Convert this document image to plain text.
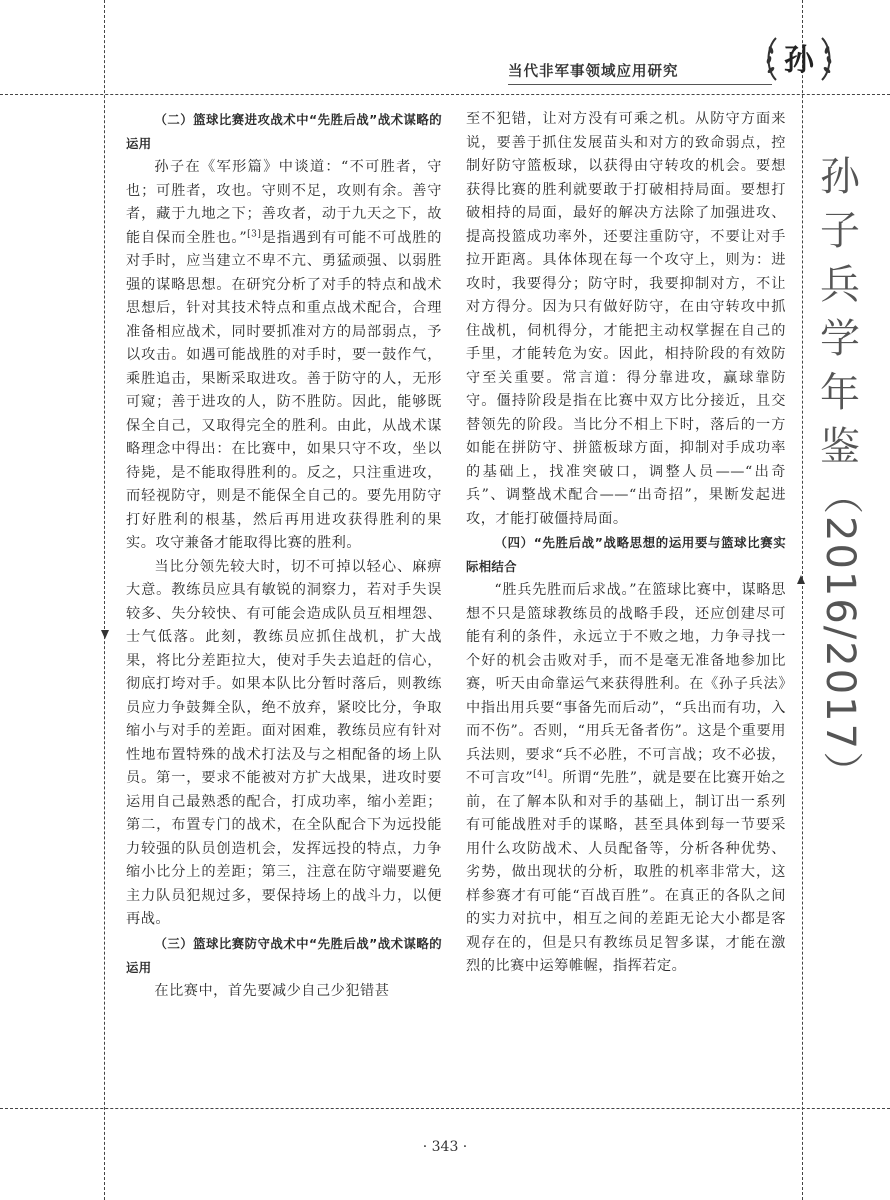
当代非军事领域应用研究	孙
孙
子
兵
学
年
鉴
（2016/2017）
（二）篮球比赛进攻战术中“先胜后战”战术谋略的运用

孙子在《军形篇》中谈道：“不可胜者，守也；可胜者，攻也。守则不足，攻则有余。善守者，藏于九地之下；善攻者，动于九天之下，故能自保而全胜也。”[3]是指遇到有可能不可战胜的对手时，应当建立不卑不亢、勇猛顽强、以弱胜强的谋略思想。在研究分析了对手的特点和战术思想后，针对其技术特点和重点战术配合，合理准备相应战术，同时要抓准对方的局部弱点，予以攻击。如遇可能战胜的对手时，要一鼓作气，乘胜追击，果断采取进攻。善于防守的人，无形可窥；善于进攻的人，防不胜防。因此，能够既保全自己，又取得完全的胜利。由此，从战术谋略理念中得出：在比赛中，如果只守不攻，坐以待毙，是不能取得胜利的。反之，只注重进攻，而轻视防守，则是不能保全自己的。要先用防守打好胜利的根基，然后再用进攻获得胜利的果实。攻守兼备才能取得比赛的胜利。

当比分领先较大时，切不可掉以轻心、麻痹大意。教练员应具有敏锐的洞察力，若对手失误较多、失分较快、有可能会造成队员互相埋怨、士气低落。此刻，教练员应抓住战机，扩大战果，将比分差距拉大，使对手失去追赶的信心，彻底打垮对手。如果本队比分暂时落后，则教练员应力争鼓舞全队，绝不放弃，紧咬比分，争取缩小与对手的差距。面对困难，教练员应有针对性地布置特殊的战术打法及与之相配备的场上队员。第一，要求不能被对方扩大战果，进攻时要运用自己最熟悉的配合，打成功率，缩小差距；第二，布置专门的战术，在全队配合下为远投能力较强的队员创造机会，发挥远投的特点，力争缩小比分上的差距；第三，注意在防守端要避免主力队员犯规过多，要保持场上的战斗力，以便再战。

（三）篮球比赛防守战术中“先胜后战”战术谋略的运用

在比赛中，首先要减少自己少犯错甚

至不犯错，让对方没有可乘之机。从防守方面来说，要善于抓住发展苗头和对方的致命弱点，控制好防守篮板球，以获得由守转攻的机会。要想获得比赛的胜利就要敢于打破相持局面。要想打破相持的局面，最好的解决方法除了加强进攻、提高投篮成功率外，还要注重防守，不要让对手拉开距离。具体体现在每一个攻守上，则为：进攻时，我要得分；防守时，我要抑制对方，不让对方得分。因为只有做好防守，在由守转攻中抓住战机，伺机得分，才能把主动权掌握在自己的手里，才能转危为安。因此，相持阶段的有效防守至关重要。常言道：得分靠进攻，赢球靠防守。僵持阶段是指在比赛中双方比分接近，且交替领先的阶段。当比分不相上下时，落后的一方如能在拼防守、拼篮板球方面，抑制对手成功率的基础上，找准突破口，调整人员——“出奇兵”、调整战术配合——“出奇招”，果断发起进攻，才能打破僵持局面。

（四）“先胜后战”战略思想的运用要与篮球比赛实际相结合

“胜兵先胜而后求战。”在篮球比赛中，谋略思想不只是篮球教练员的战略手段，还应创建尽可能有利的条件，永远立于不败之地，力争寻找一个好的机会击败对手，而不是毫无准备地参加比赛，听天由命靠运气来获得胜利。在《孙子兵法》中指出用兵要“事备先而后动”，“兵出而有功，入而不伤”。否则，“用兵无备者伤”。这是个重要用兵法则，要求“兵不必胜，不可言战；攻不必拔，不可言攻”[4]。所谓“先胜”，就是要在比赛开始之前，在了解本队和对手的基础上，制订出一系列有可能战胜对手的谋略，甚至具体到每一节要采用什么攻防战术、人员配备等，分析各种优势、劣势，做出现状的分析，取胜的机率非常大，这样参赛才有可能“百战百胜”。在真正的各队之间的实力对抗中，相互之间的差距无论大小都是客观存在的，但是只有教练员足智多谋，才能在激烈的比赛中运筹帷幄，指挥若定。

· 343 ·
